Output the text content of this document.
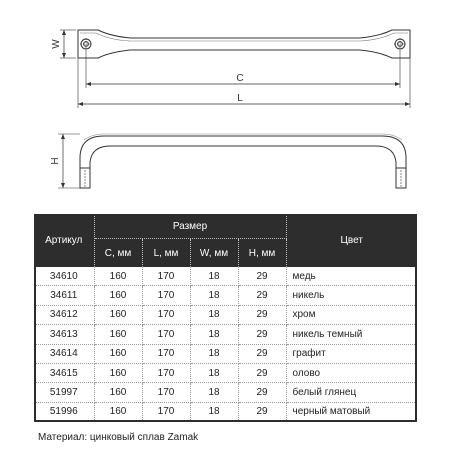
W
C
L
H
Артикул	Размер				Цвет
	C, мм	L, мм	W, мм	H, мм	
34610	160	170	18	29	медь
34611	160	170	18	29	никель
34612	160	170	18	29	хром
34613	160	170	18	29	никель темный
34614	160	170	18	29	графит
34615	160	170	18	29	олово
51997	160	170	18	29	белый глянец
51996	160	170	18	29	черный матовый
Материал: цинковый сплав Zamak
